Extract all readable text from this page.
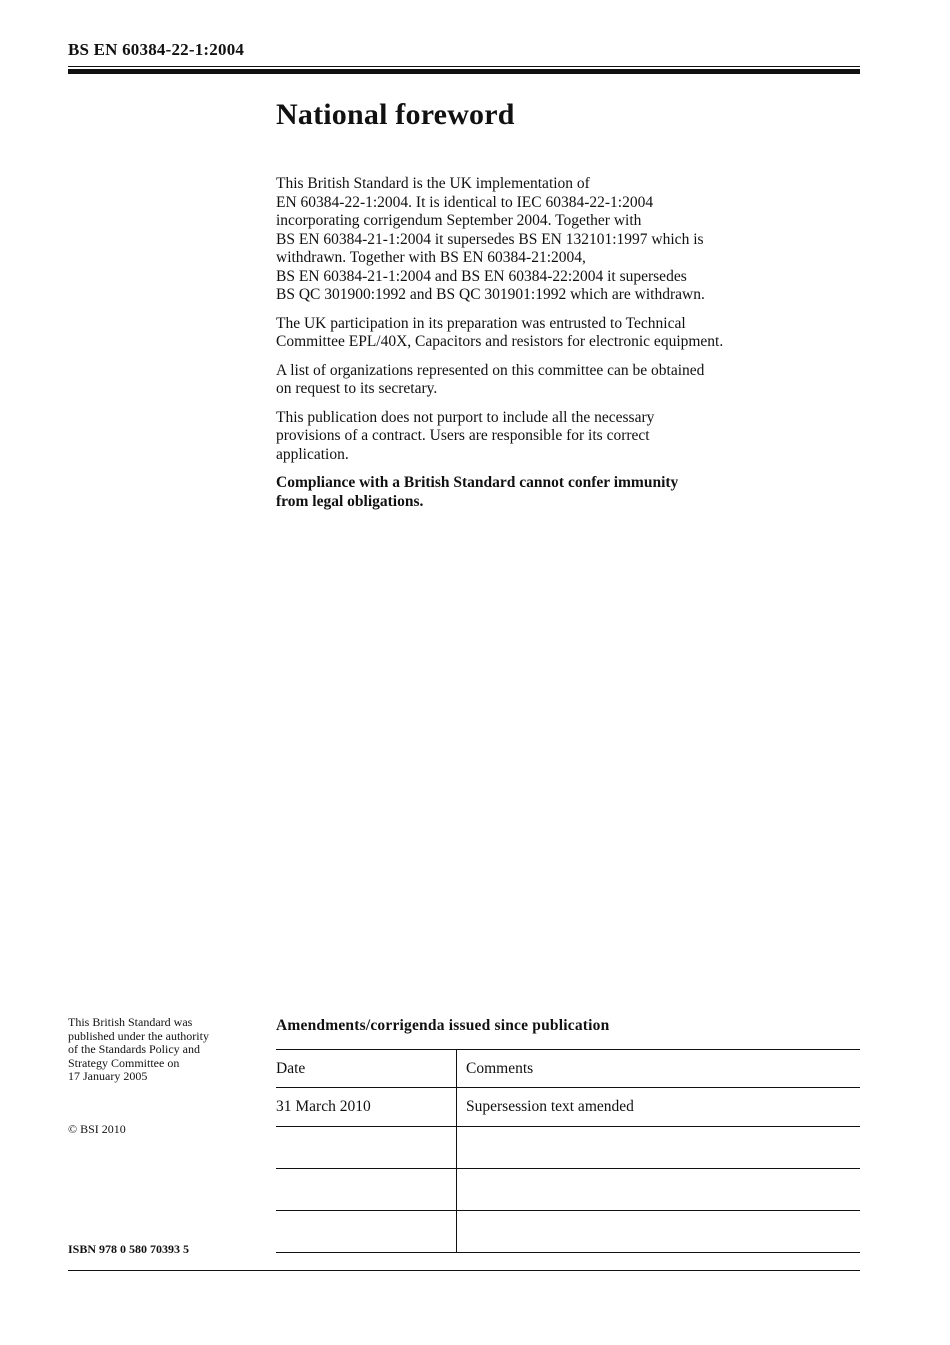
BS EN 60384-22-1:2004
National foreword

This British Standard is the UK implementation of
EN 60384-22-1:2004. It is identical to IEC 60384-22-1:2004
incorporating corrigendum September 2004. Together with
BS EN 60384-21-1:2004 it supersedes BS EN 132101:1997 which is
withdrawn. Together with BS EN 60384-21:2004,
BS EN 60384-21-1:2004 and BS EN 60384-22:2004 it supersedes
BS QC 301900:1992 and BS QC 301901:1992 which are withdrawn.

The UK participation in its preparation was entrusted to Technical
Committee EPL/40X, Capacitors and resistors for electronic equipment.

A list of organizations represented on this committee can be obtained
on request to its secretary.

This publication does not purport to include all the necessary
provisions of a contract. Users are responsible for its correct
application.

Compliance with a British Standard cannot confer immunity
from legal obligations.

This British Standard was
published under the authority
of the Standards Policy and
Strategy Committee on
17 January 2005
© BSI 2010
ISBN 978 0 580 70393 5
Amendments/corrigenda issued since publication
Date	Comments
31 March 2010	Supersession text amended
